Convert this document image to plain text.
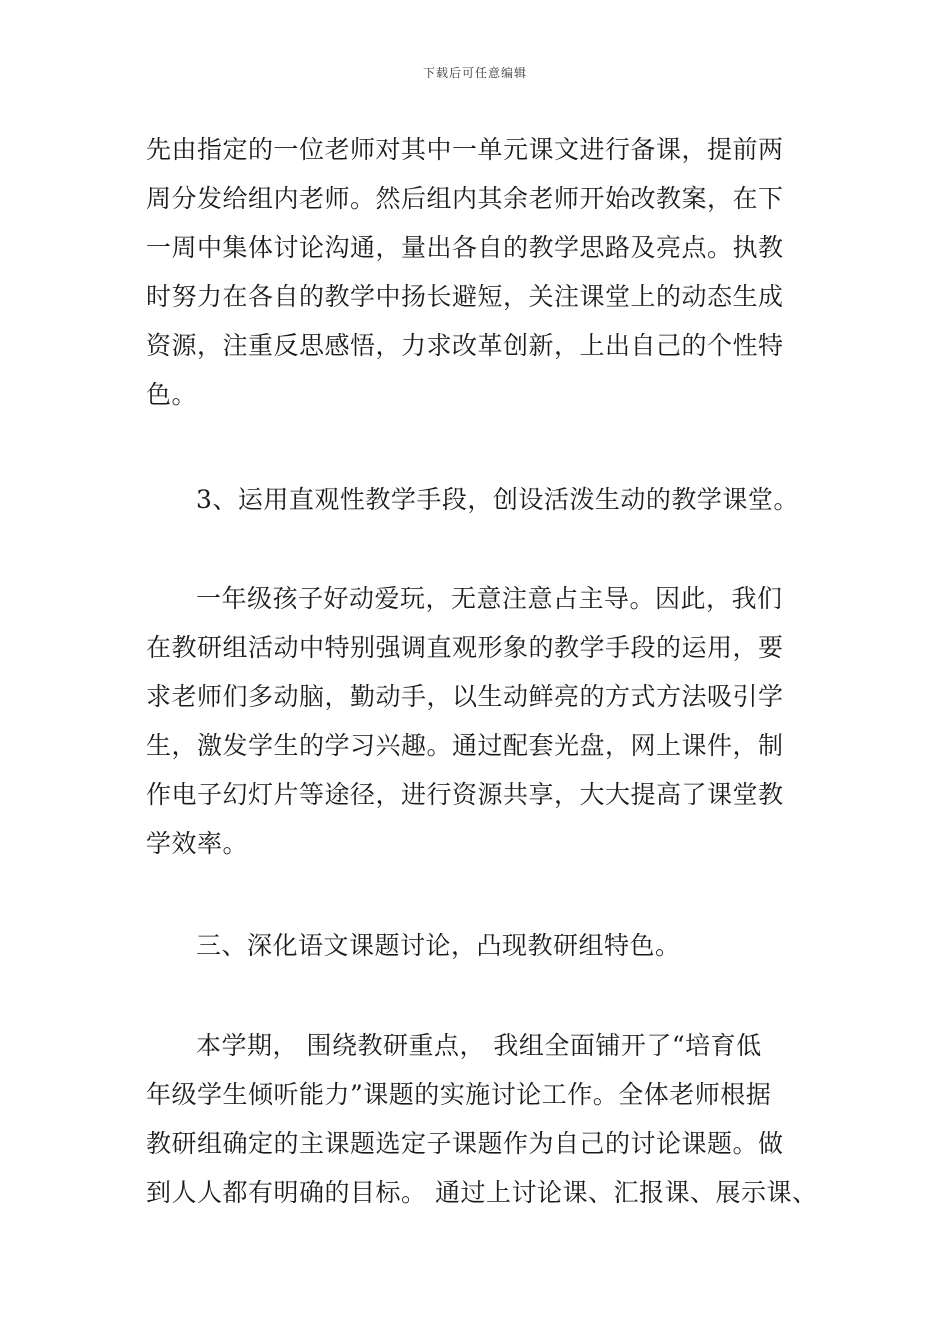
下载后可任意编辑
先由指定的一位老师对其中一单元课文进行备课，提前两
周分发给组内老师。然后组内其余老师开始改教案，在下
一周中集体讨论沟通，量出各自的教学思路及亮点。执教
时努力在各自的教学中扬长避短，关注课堂上的动态生成
资源，注重反思感悟，力求改革创新，上出自己的个性特
色。
3、运用直观性教学手段，创设活泼生动的教学课堂。
一年级孩子好动爱玩，无意注意占主导。因此，我们
在教研组活动中特别强调直观形象的教学手段的运用，要
求老师们多动脑，勤动手，以生动鲜亮的方式方法吸引学
生，激发学生的学习兴趣。通过配套光盘，网上课件，制
作电子幻灯片等途径，进行资源共享，大大提高了课堂教
学效率。
三、深化语文课题讨论，凸现教研组特色。
本学期， 围绕教研重点， 我组全面铺开了“培育低
年级学生倾听能力”课题的实施讨论工作。全体老师根据
教研组确定的主课题选定子课题作为自己的讨论课题。做
到人人都有明确的目标。 通过上讨论课、汇报课、展示课、
